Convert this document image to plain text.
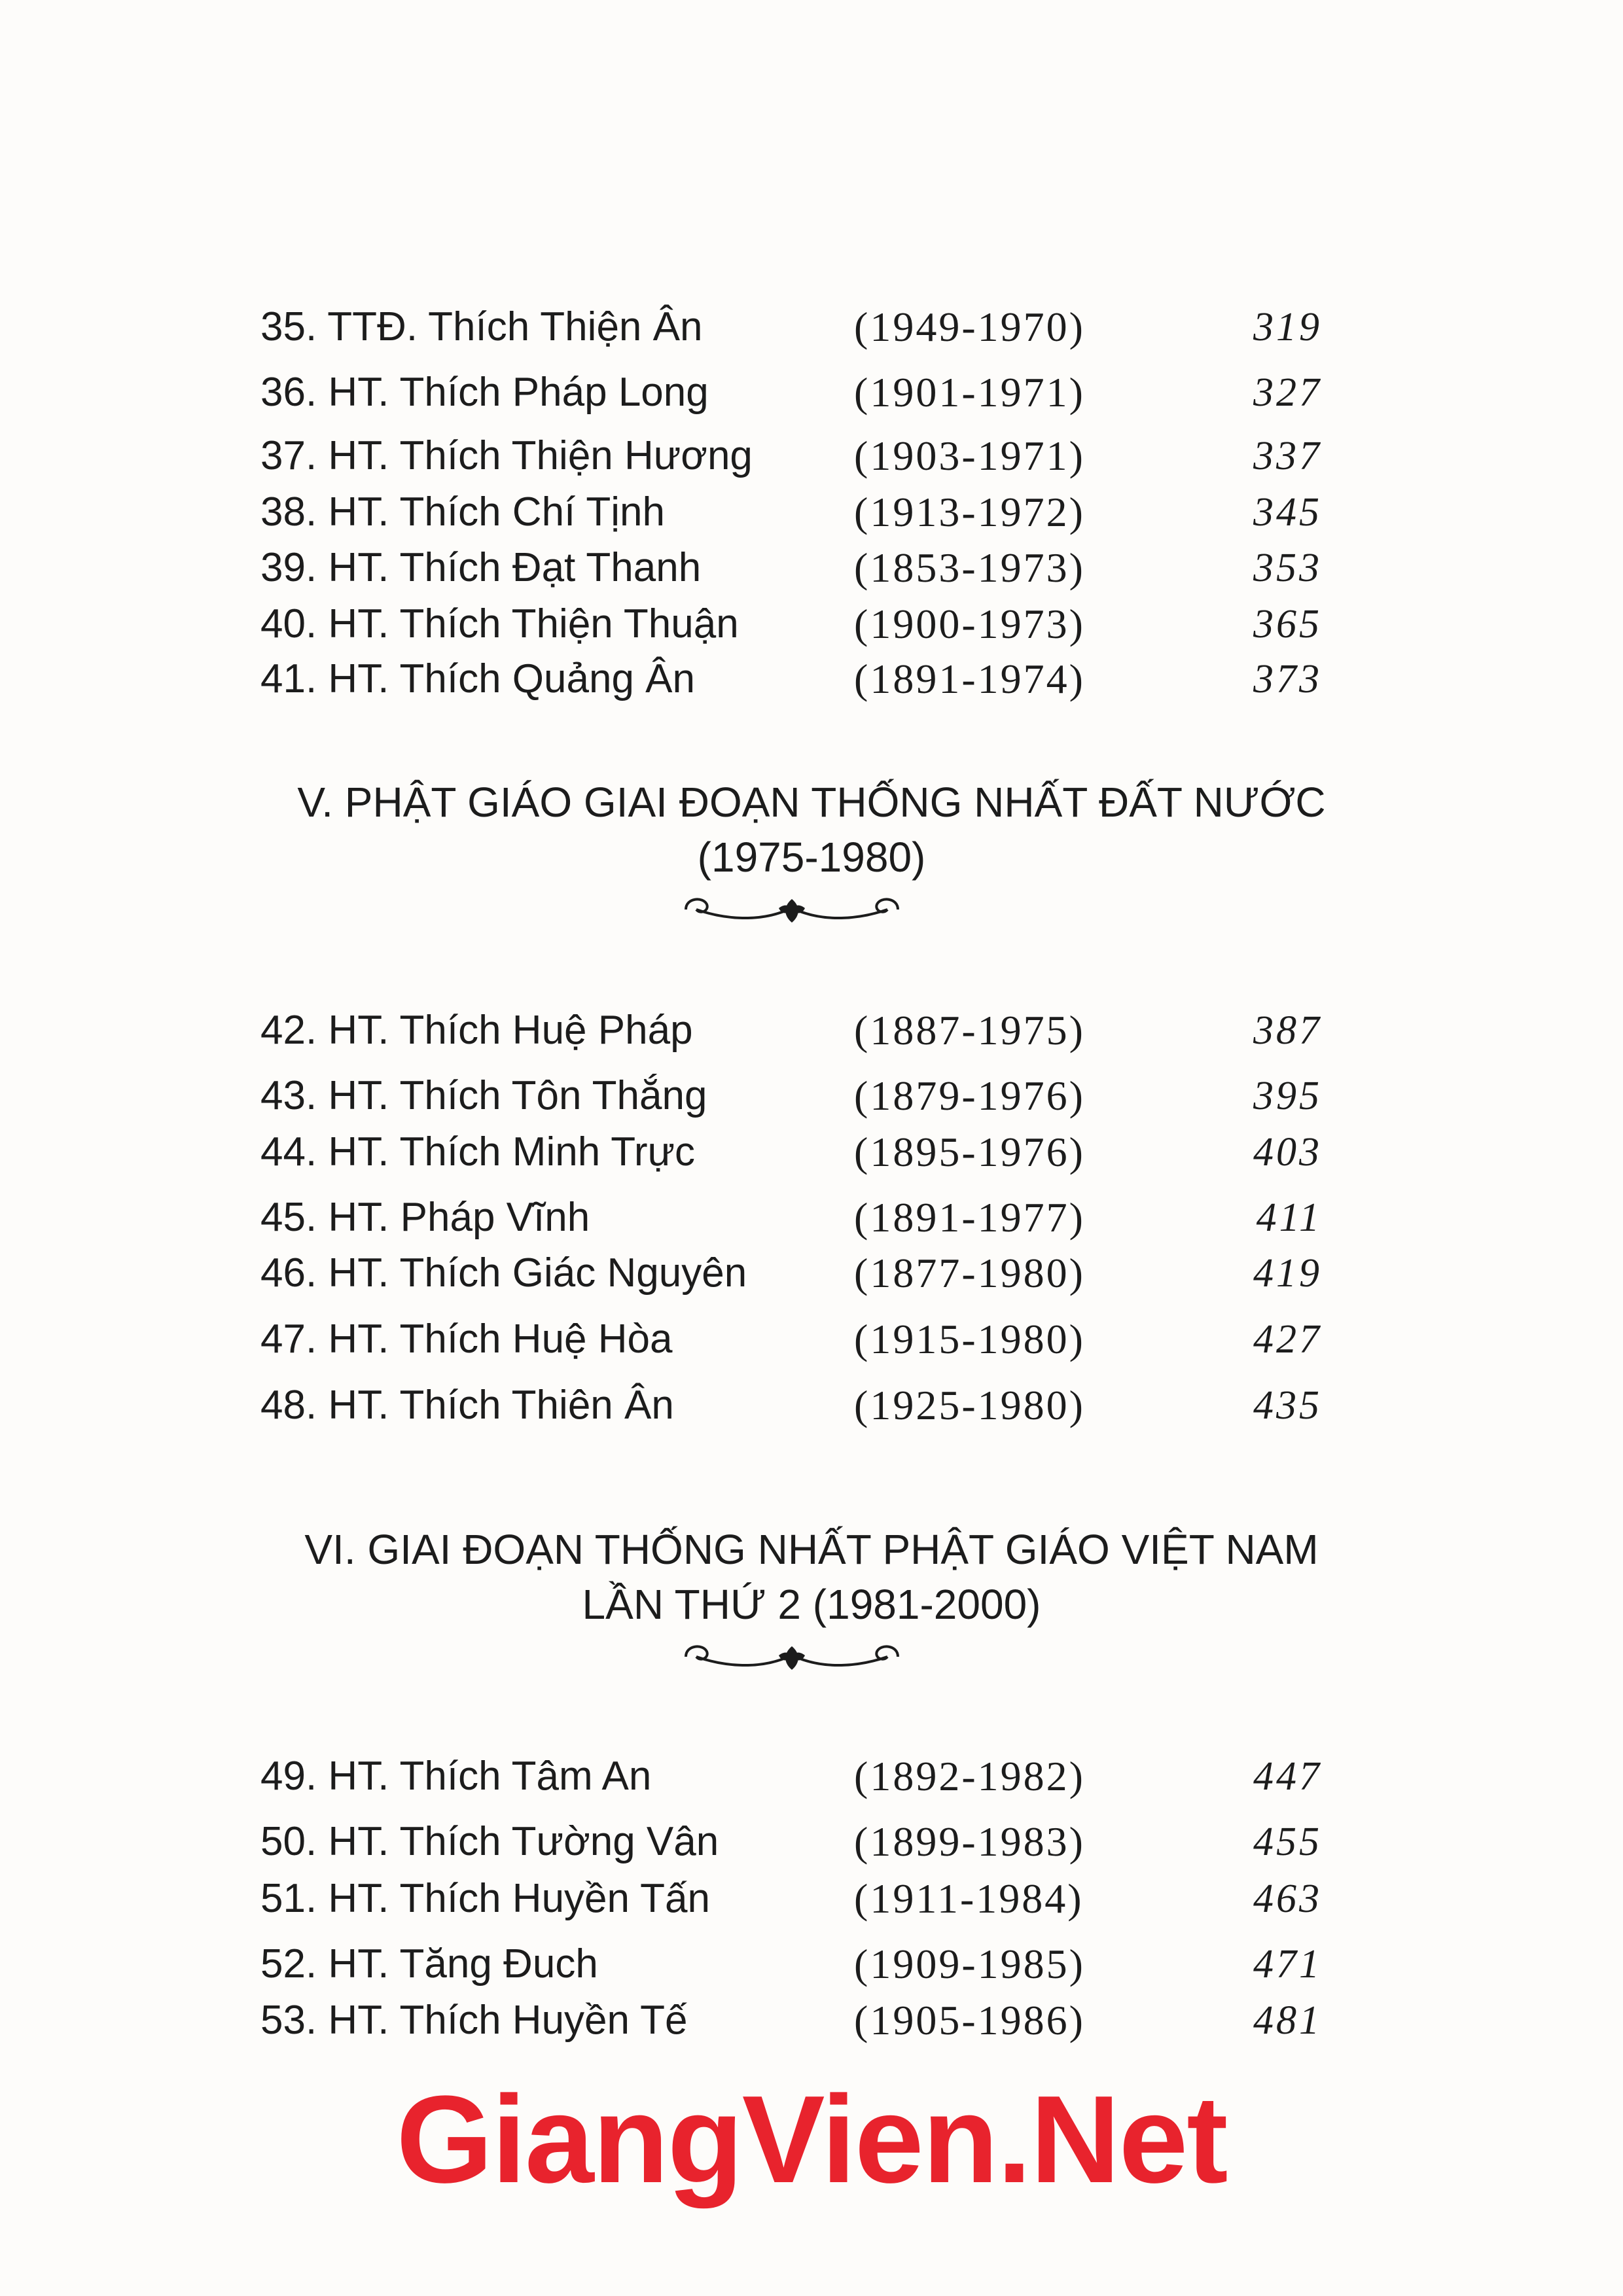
35. TTĐ. Thích Thiện Ân	(1949-1970)	319
36. HT. Thích Pháp Long	(1901-1971)	327
37. HT. Thích Thiện Hương (1903-1971)	337
38. HT. Thích Chí Tịnh	(1913-1972)	345
39. HT. Thích Đạt Thanh	(1853-1973)	353
40. HT. Thích Thiện Thuận	(1900-1973)	365
41. HT. Thích Quảng Ân	(1891-1974)	373
V. PHẬT GIÁO GIAI ĐOẠN THỐNG NHẤT ĐẤT NƯỚC
(1975-1980)
42. HT. Thích Huệ Pháp	(1887-1975)	387
43. HT. Thích Tôn Thắng	(1879-1976)	395
44. HT. Thích Minh Trực	(1895-1976)	403
45. HT. Pháp Vĩnh	(1891-1977)	411
46. HT. Thích Giác Nguyên	(1877-1980)	419
47. HT. Thích Huệ Hòa	(1915-1980)	427
48. HT. Thích Thiên Ân	(1925-1980)	435
VI. GIAI ĐOẠN THỐNG NHẤT PHẬT GIÁO VIỆT NAM
LẦN THỨ 2 (1981-2000)
49. HT. Thích Tâm An	(1892-1982)	447
50. HT. Thích Tường Vân	(1899-1983)	455
51. HT. Thích Huyền Tấn	(1911-1984)	463
52. HT. Tăng Đuch	(1909-1985)	471
53. HT. Thích Huyền Tế	(1905-1986)	481
GiangVien.Net
